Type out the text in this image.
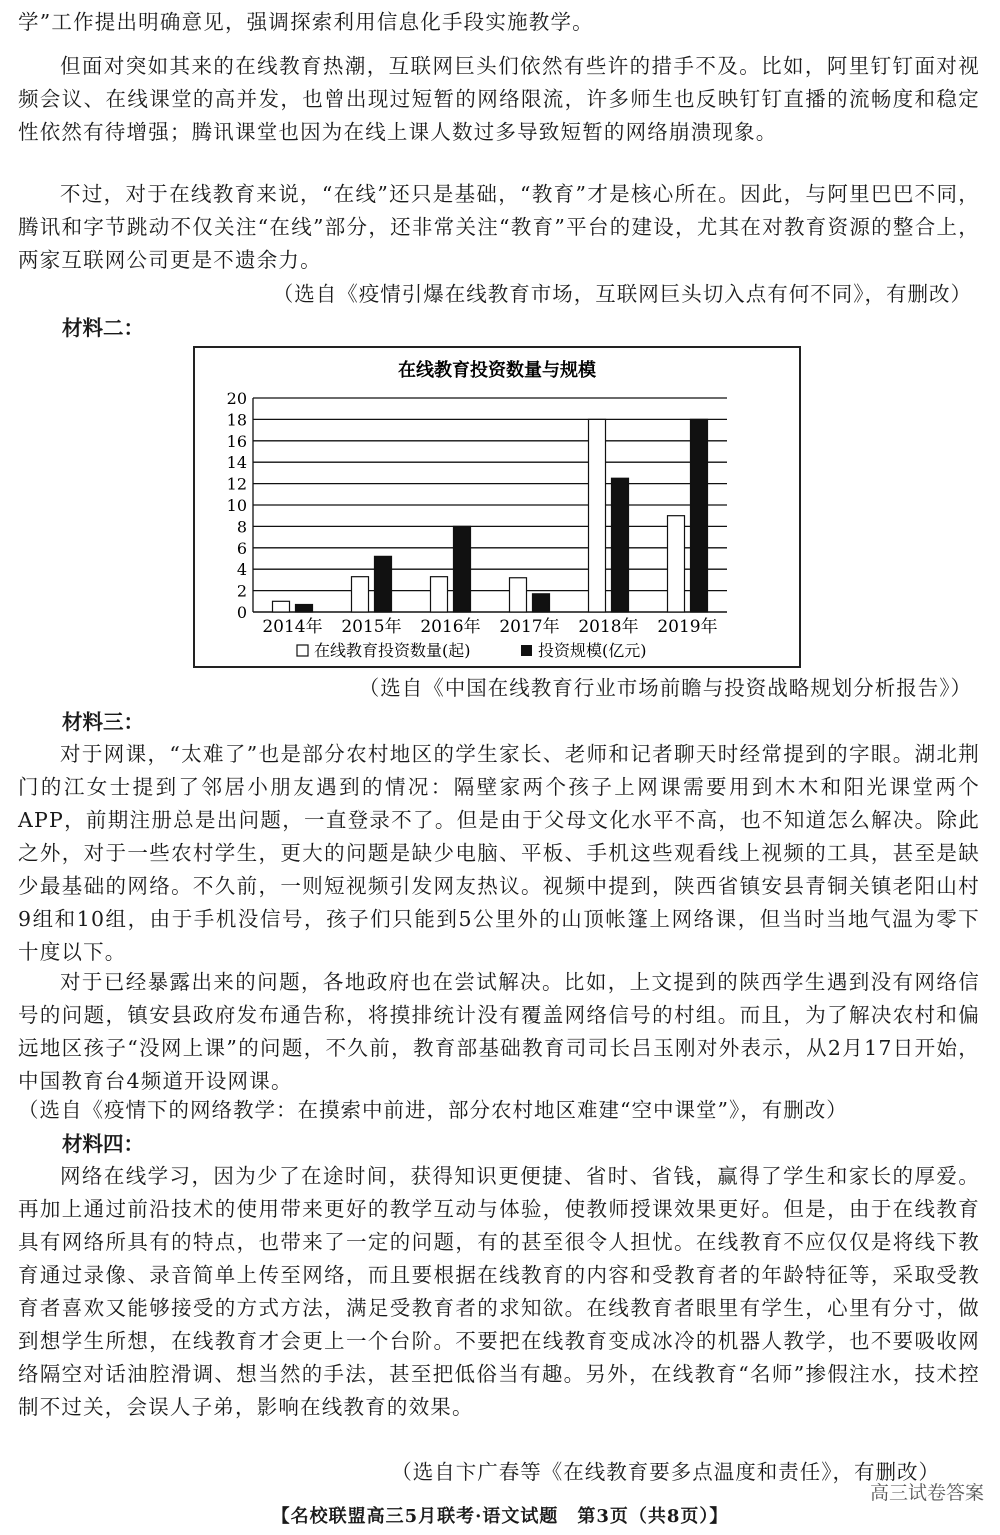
学”工作提出明确意见，强调探索利用信息化手段实施教学。

但面对突如其来的在线教育热潮，互联网巨头们依然有些许的措手不及。比如，阿里钉钉面对视频会议、在线课堂的高并发，也曾出现过短暂的网络限流，许多师生也反映钉钉直播的流畅度和稳定性依然有待增强；腾讯课堂也因为在线上课人数过多导致短暂的网络崩溃现象。

不过，对于在线教育来说，“在线”还只是基础，“教育”才是核心所在。因此，与阿里巴巴不同，腾讯和字节跳动不仅关注“在线”部分，还非常关注“教育”平台的建设，尤其在对教育资源的整合上，两家互联网公司更是不遗余力。

（选自《疫情引爆在线教育市场，互联网巨头切入点有何不同》，有删改）
材料二：
在线教育投资数量与规模
0
2
4
6
8
10
12
14
16
18
20
2014年 2015年 2016年 2017年 2018年 2019年
在线教育投资数量(起)	投资规模(亿元)
（选自《中国在线教育行业市场前瞻与投资战略规划分析报告》）
材料三：

对于网课，“太难了”也是部分农村地区的学生家长、老师和记者聊天时经常提到的字眼。湖北荆门的江女士提到了邻居小朋友遇到的情况：隔壁家两个孩子上网课需要用到木木和阳光课堂两个APP，前期注册总是出问题，一直登录不了。但是由于父母文化水平不高，也不知道怎么解决。除此之外，对于一些农村学生，更大的问题是缺少电脑、平板、手机这些观看线上视频的工具，甚至是缺少最基础的网络。不久前，一则短视频引发网友热议。视频中提到，陕西省镇安县青铜关镇老阳山村9组和10组，由于手机没信号，孩子们只能到5公里外的山顶帐篷上网络课，但当时当地气温为零下十度以下。

对于已经暴露出来的问题，各地政府也在尝试解决。比如，上文提到的陕西学生遇到没有网络信号的问题，镇安县政府发布通告称，将摸排统计没有覆盖网络信号的村组。而且，为了解决农村和偏远地区孩子“没网上课”的问题，不久前，教育部基础教育司司长吕玉刚对外表示，从2月17日开始，中国教育台4频道开设网课。

（选自《疫情下的网络教学：在摸索中前进，部分农村地区难建“空中课堂”》，有删改）
材料四：

网络在线学习，因为少了在途时间，获得知识更便捷、省时、省钱，赢得了学生和家长的厚爱。再加上通过前沿技术的使用带来更好的教学互动与体验，使教师授课效果更好。但是，由于在线教育具有网络所具有的特点，也带来了一定的问题，有的甚至很令人担忧。在线教育不应仅仅是将线下教育通过录像、录音简单上传至网络，而且要根据在线教育的内容和受教育者的年龄特征等，采取受教育者喜欢又能够接受的方式方法，满足受教育者的求知欲。在线教育者眼里有学生，心里有分寸，做到想学生所想，在线教育才会更上一个台阶。不要把在线教育变成冰冷的机器人教学，也不要吸收网络隔空对话油腔滑调、想当然的手法，甚至把低俗当有趣。另外，在线教育“名师”掺假注水，技术控制不过关，会误人子弟，影响在线教育的效果。

（选自卞广春等《在线教育要多点温度和责任》，有删改）
【名校联盟高三5月联考·语文试题　第3页（共8页）】
高三试卷答案
